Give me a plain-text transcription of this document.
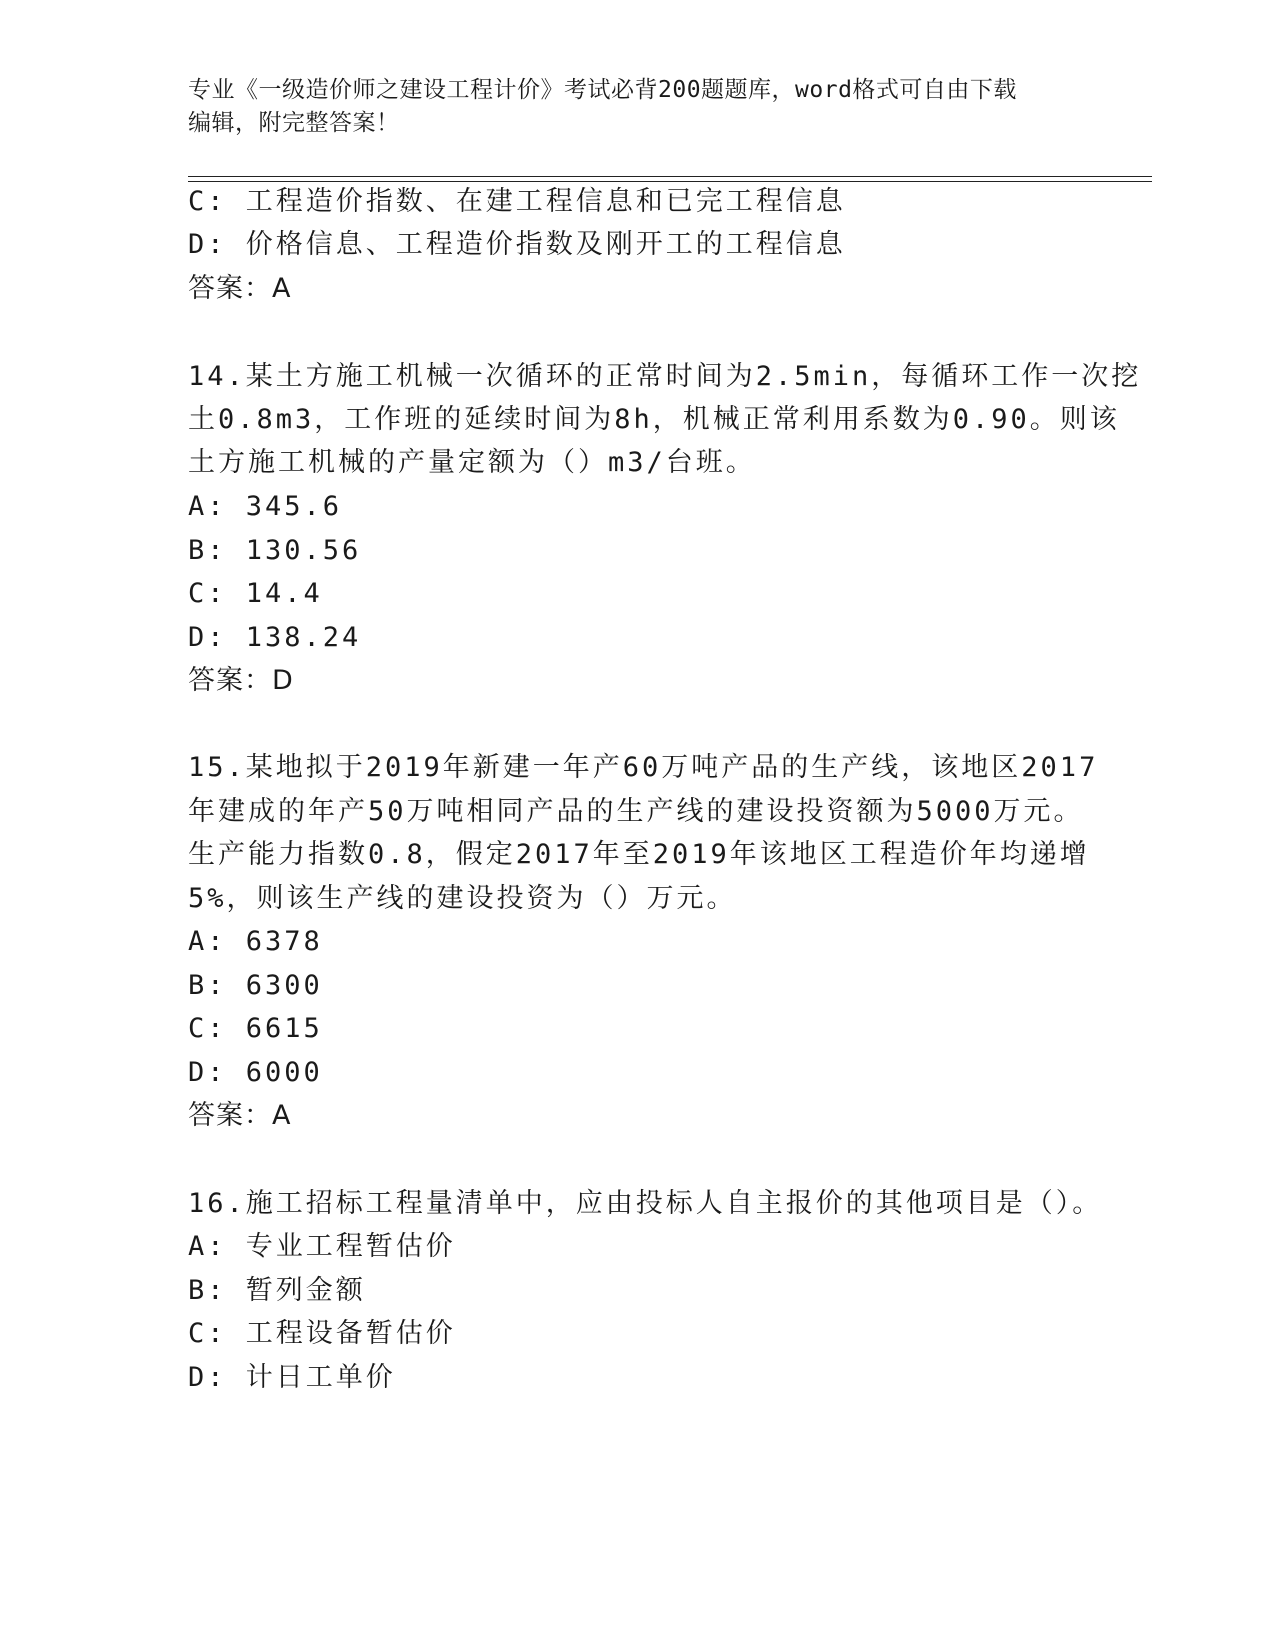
专业《一级造价师之建设工程计价》考试必背200题题库，word格式可自由下载
编辑，附完整答案！
C: 工程造价指数、在建工程信息和已完工程信息
D: 价格信息、工程造价指数及刚开工的工程信息
答案：A
14.某土方施工机械一次循环的正常时间为2.5min，每循环工作一次挖
土0.8m3，工作班的延续时间为8h，机械正常利用系数为0.90。则该
土方施工机械的产量定额为（）m3/台班。
A: 345.6
B: 130.56
C: 14.4
D: 138.24
答案：D
15.某地拟于2019年新建一年产60万吨产品的生产线，该地区2017
年建成的年产50万吨相同产品的生产线的建设投资额为5000万元。
生产能力指数0.8，假定2017年至2019年该地区工程造价年均递增
5%，则该生产线的建设投资为（）万元。
A: 6378
B: 6300
C: 6615
D: 6000
答案：A
16.施工招标工程量清单中，应由投标人自主报价的其他项目是（）。
A: 专业工程暂估价
B: 暂列金额
C: 工程设备暂估价
D: 计日工单价
